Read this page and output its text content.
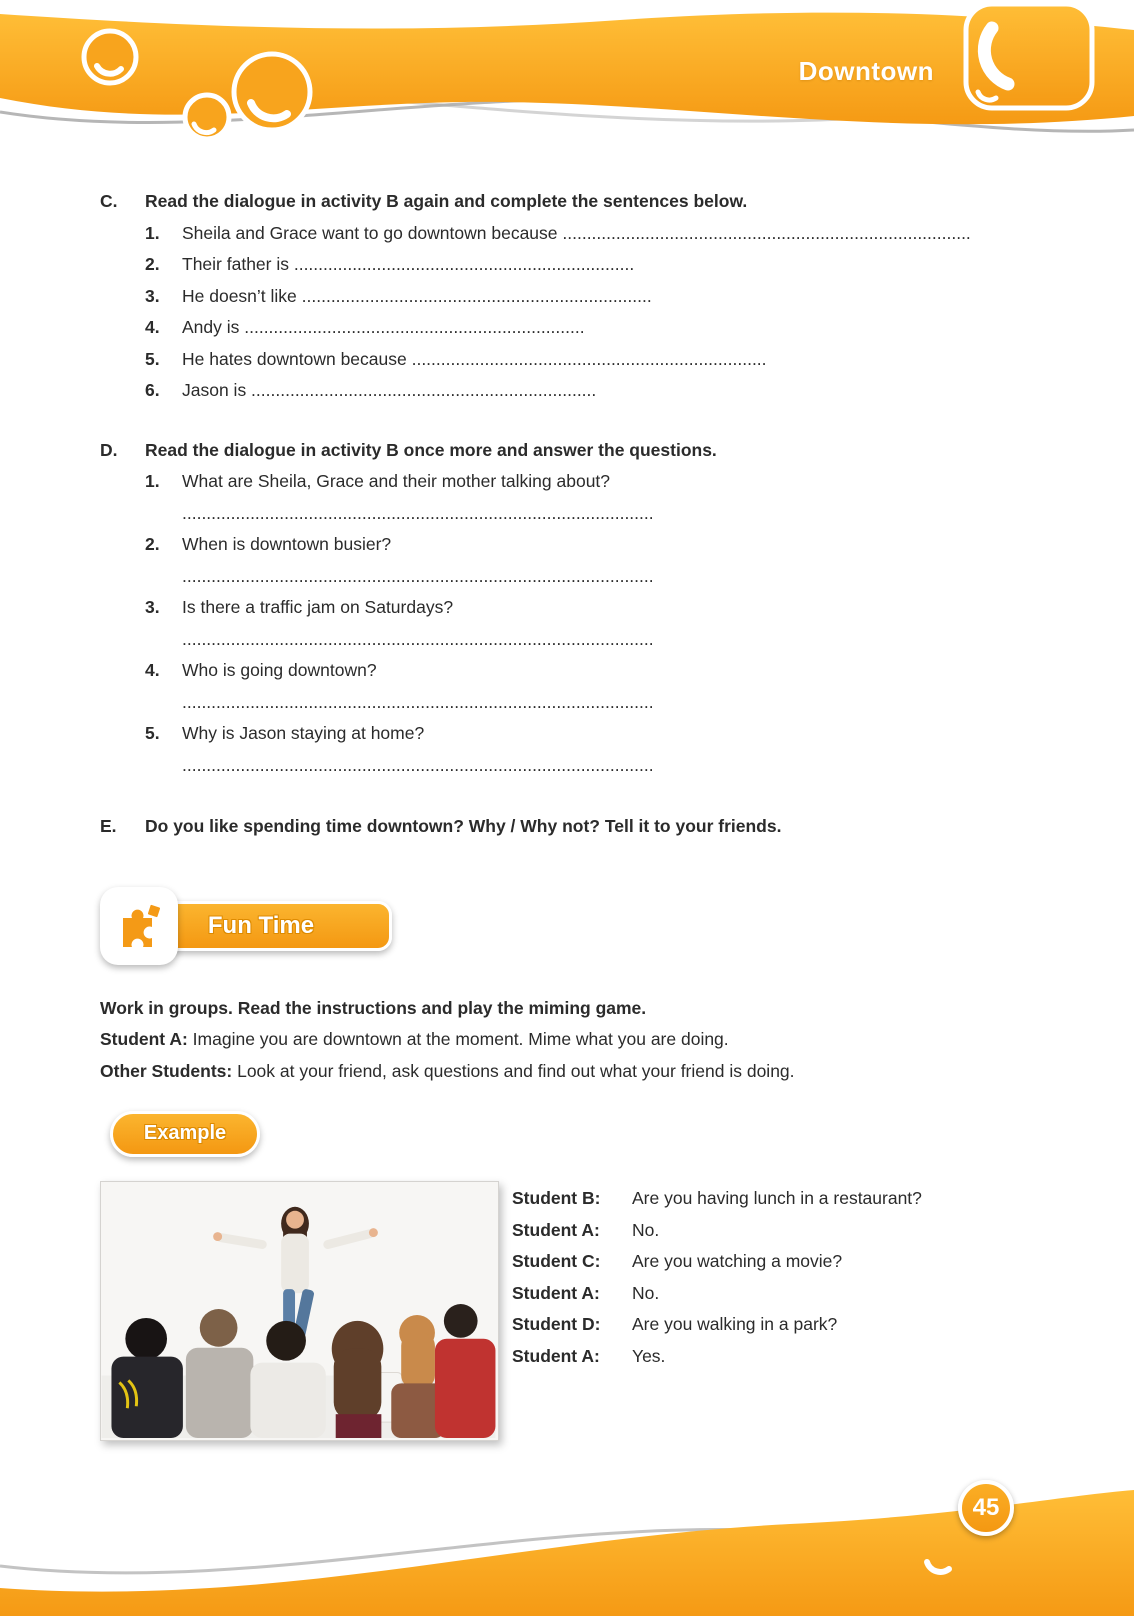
Downtown
C.	Read the dialogue in activity B again and complete the sentences below.
1.	Sheila and Grace want to go downtown because ....................................................................................
2.	Their father is ......................................................................
3.	He doesn’t like ........................................................................
4.	Andy is ......................................................................
5.	He hates downtown because .........................................................................
6.	Jason is .......................................................................
D.	Read the dialogue in activity B once more and answer the questions.
1.	What are Sheila, Grace and their mother talking about?
.................................................................................................
2.	When is downtown busier?
.................................................................................................
3.	Is there a traffic jam on Saturdays?
.................................................................................................
4.	Who is going downtown?
.................................................................................................
5.	Why is Jason staying at home?
.................................................................................................
E.	Do you like spending time downtown? Why / Why not? Tell it to your friends.
Fun Time
Work in groups. Read the instructions and play the miming game.
Student A: Imagine you are downtown at the moment. Mime what you are doing.
Other Students: Look at your friend, ask questions and find out what your friend is doing.
Example
Student B:	Are you having lunch in a restaurant?
Student A:	No.
Student C:	Are you watching a movie?
Student A:	No.
Student D:	Are you walking in a park?
Student A:	Yes.
45
